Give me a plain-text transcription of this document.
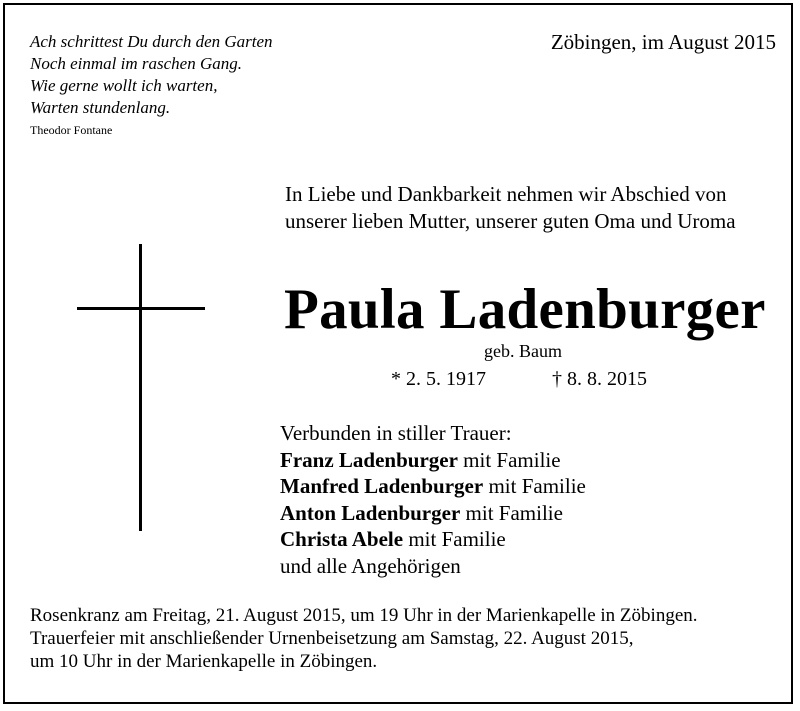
Ach schrittest Du durch den Garten
Noch einmal im raschen Gang.
Wie gerne wollt ich warten,
Warten stundenlang.
Theodor Fontane
Zöbingen, im August 2015
In Liebe und Dankbarkeit nehmen wir Abschied von
unserer lieben Mutter, unserer guten Oma und Uroma
Paula Ladenburger
geb. Baum
* 2. 5. 1917	† 8. 8. 2015
Verbunden in stiller Trauer:
Franz Ladenburger mit Familie
Manfred Ladenburger mit Familie
Anton Ladenburger mit Familie
Christa Abele mit Familie
und alle Angehörigen
Rosenkranz am Freitag, 21. August 2015, um 19 Uhr in der Marienkapelle in Zöbingen.
Trauerfeier mit anschließender Urnenbeisetzung am Samstag, 22. August 2015,
um 10 Uhr in der Marienkapelle in Zöbingen.
